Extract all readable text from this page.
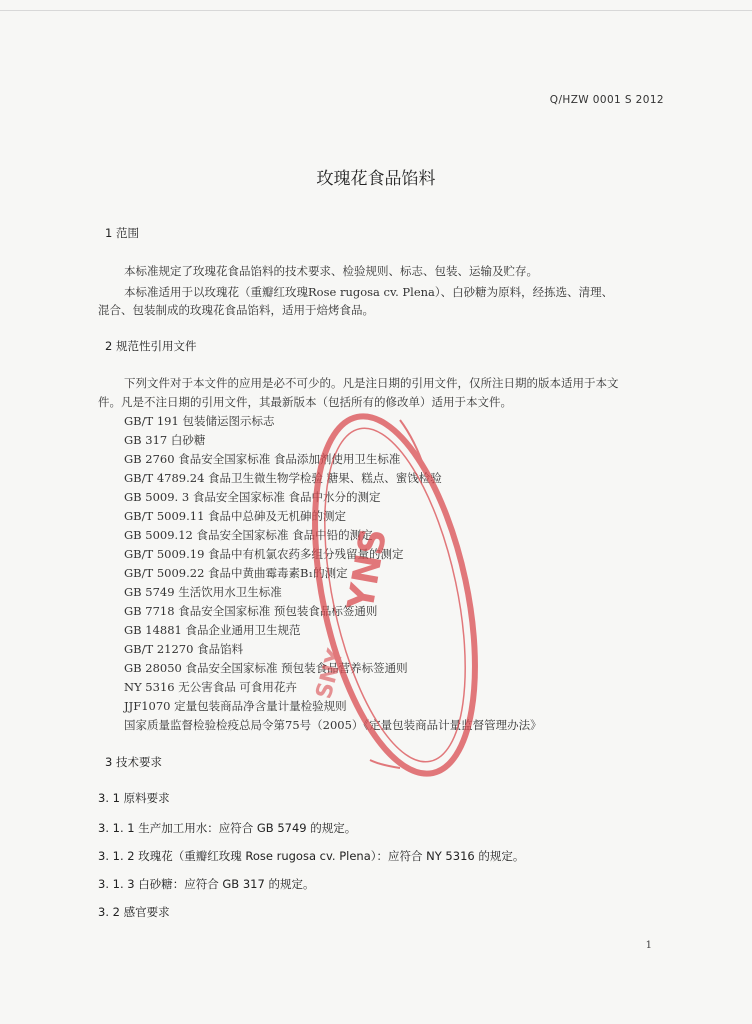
Q/HZW 0001 S 2012
玫瑰花食品馅料
1 范围
本标准规定了玫瑰花食品馅料的技术要求、检验规则、标志、包装、运输及贮存。
本标准适用于以玫瑰花（重瓣红玫瑰Rose rugosa cv. Plena）、白砂糖为原料，经拣选、清理、
混合、包装制成的玫瑰花食品馅料，适用于焙烤食品。
2 规范性引用文件
下列文件对于本文件的应用是必不可少的。凡是注日期的引用文件，仅所注日期的版本适用于本文
件。凡是不注日期的引用文件，其最新版本（包括所有的修改单）适用于本文件。
GB/T 191 包装储运图示标志
GB 317 白砂糖
GB 2760 食品安全国家标准 食品添加剂使用卫生标准
GB/T 4789.24 食品卫生微生物学检验 糖果、糕点、蜜饯检验
GB 5009. 3 食品安全国家标准 食品中水分的测定
GB/T 5009.11 食品中总砷及无机砷的测定
GB 5009.12 食品安全国家标准 食品中铅的测定
GB/T 5009.19 食品中有机氯农药多组分残留量的测定
GB/T 5009.22 食品中黄曲霉毒素B₁的测定
GB 5749 生活饮用水卫生标准
GB 7718 食品安全国家标准 预包装食品标签通则
GB 14881 食品企业通用卫生规范
GB/T 21270 食品馅料
GB 28050 食品安全国家标准 预包装食品营养标签通则
NY 5316 无公害食品 可食用花卉
JJF1070 定量包装商品净含量计量检验规则
国家质量监督检验检疫总局令第75号（2005）《定量包装商品计量监督管理办法》
3 技术要求
3. 1 原料要求
3. 1. 1 生产加工用水：应符合 GB 5749 的规定。
3. 1. 2 玫瑰花（重瓣红玫瑰 Rose rugosa cv. Plena）：应符合 NY 5316 的规定。
3. 1. 3 白砂糖：应符合 GB 317 的规定。
3. 2 感官要求
1
YNS
SNY
